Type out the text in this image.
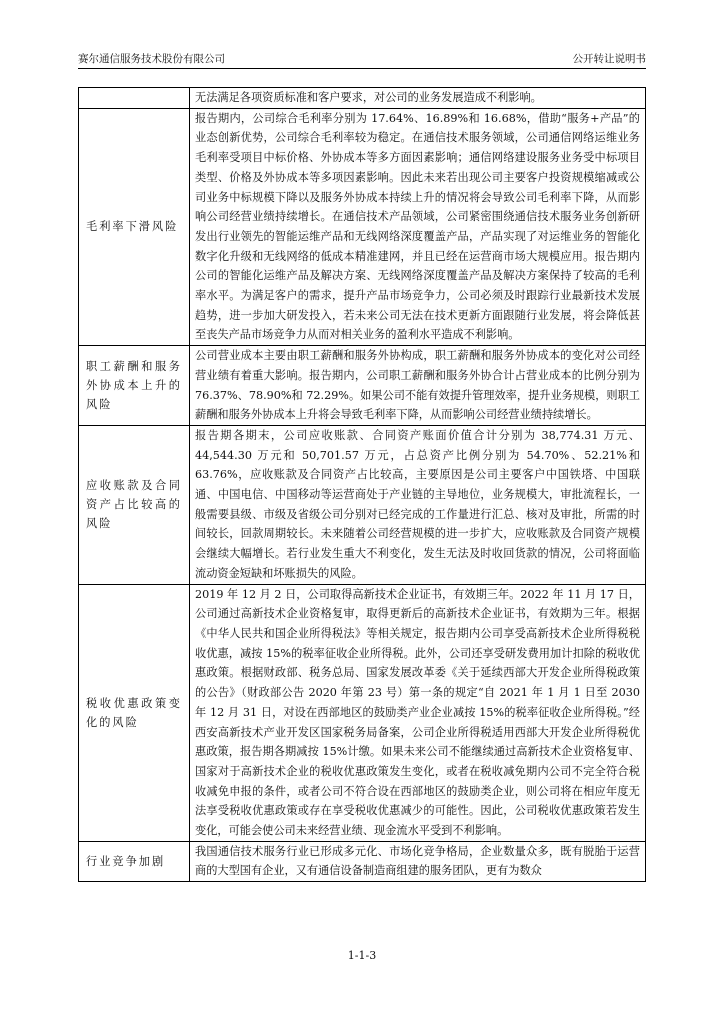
赛尔通信服务技术股份有限公司	公开转让说明书
	无法满足各项资质标准和客户要求，对公司的业务发展造成不利影响。
毛利率下滑风险	报告期内，公司综合毛利率分别为 17.64%、16.89%和 16.68%，借助“服务+产品”的业态创新优势，公司综合毛利率较为稳定。在通信技术服务领域，公司通信网络运维业务毛利率受项目中标价格、外协成本等多方面因素影响；通信网络建设服务业务受中标项目类型、价格及外协成本等多项因素影响。因此未来若出现公司主要客户投资规模缩减或公司业务中标规模下降以及服务外协成本持续上升的情况将会导致公司毛利率下降，从而影响公司经营业绩持续增长。在通信技术产品领域，公司紧密围绕通信技术服务业务创新研发出行业领先的智能运维产品和无线网络深度覆盖产品，产品实现了对运维业务的智能化数字化升级和无线网络的低成本精准建网，并且已经在运营商市场大规模应用。报告期内公司的智能化运维产品及解决方案、无线网络深度覆盖产品及解决方案保持了较高的毛利率水平。为满足客户的需求，提升产品市场竞争力，公司必须及时跟踪行业最新技术发展趋势，进一步加大研发投入，若未来公司无法在技术更新方面跟随行业发展，将会降低甚至丧失产品市场竞争力从而对相关业务的盈利水平造成不利影响。
职工薪酬和服务外协成本上升的风险	公司营业成本主要由职工薪酬和服务外协构成，职工薪酬和服务外协成本的变化对公司经营业绩有着重大影响。报告期内，公司职工薪酬和服务外协合计占营业成本的比例分别为 76.37%、78.90%和 72.29%。如果公司不能有效提升管理效率，提升业务规模，则职工薪酬和服务外协成本上升将会导致毛利率下降，从而影响公司经营业绩持续增长。
应收账款及合同资产占比较高的风险	报告期各期末，公司应收账款、合同资产账面价值合计分别为 38,774.31 万元、44,544.30 万元和 50,701.57 万元，占总资产比例分别为 54.70%、52.21%和 63.76%，应收账款及合同资产占比较高，主要原因是公司主要客户中国铁塔、中国联通、中国电信、中国移动等运营商处于产业链的主导地位，业务规模大，审批流程长，一般需要县级、市级及省级公司分别对已经完成的工作量进行汇总、核对及审批，所需的时间较长，回款周期较长。未来随着公司经营规模的进一步扩大，应收账款及合同资产规模会继续大幅增长。若行业发生重大不利变化，发生无法及时收回货款的情况，公司将面临流动资金短缺和坏账损失的风险。
税收优惠政策变化的风险	2019 年 12 月 2 日，公司取得高新技术企业证书，有效期三年。2022 年 11 月 17 日，公司通过高新技术企业资格复审，取得更新后的高新技术企业证书，有效期为三年。根据《中华人民共和国企业所得税法》等相关规定，报告期内公司享受高新技术企业所得税税收优惠，减按 15%的税率征收企业所得税。此外，公司还享受研发费用加计扣除的税收优惠政策。根据财政部、税务总局、国家发展改革委《关于延续西部大开发企业所得税政策的公告》（财政部公告 2020 年第 23 号）第一条的规定“自 2021 年 1 月 1 日至 2030 年 12 月 31 日，对设在西部地区的鼓励类产业企业减按 15%的税率征收企业所得税。”经西安高新技术产业开发区国家税务局备案，公司企业所得税适用西部大开发企业所得税优惠政策，报告期各期减按 15%计缴。如果未来公司不能继续通过高新技术企业资格复审、国家对于高新技术企业的税收优惠政策发生变化，或者在税收减免期内公司不完全符合税收减免申报的条件，或者公司不符合设在西部地区的鼓励类企业，则公司将在相应年度无法享受税收优惠政策或存在享受税收优惠减少的可能性。因此，公司税收优惠政策若发生变化，可能会使公司未来经营业绩、现金流水平受到不利影响。
行业竞争加剧	我国通信技术服务行业已形成多元化、市场化竞争格局，企业数量众多，既有脱胎于运营商的大型国有企业，又有通信设备制造商组建的服务团队，更有为数众
1-1-3
